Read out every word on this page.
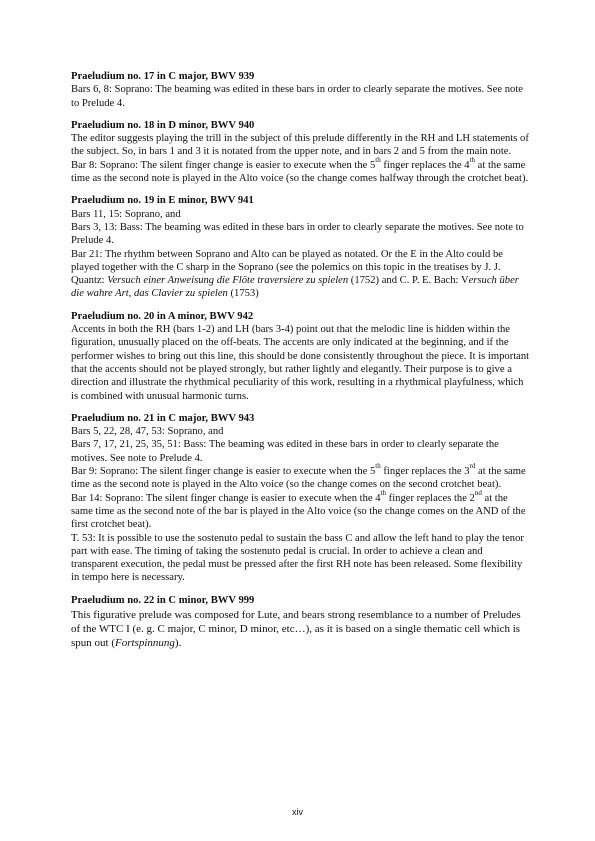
Praeludium no. 17 in C major, BWV 939

Bars 6, 8: Soprano: The beaming was edited in these bars in order to clearly separate the motives. See note to Prelude 4.

Praeludium no. 18 in D minor, BWV 940

The editor suggests playing the trill in the subject of this prelude differently in the RH and LH statements of the subject. So, in bars 1 and 3 it is notated from the upper note, and in bars 2 and 5 from the main note.

Bar 8: Soprano: The silent finger change is easier to execute when the 5th finger replaces the 4th at the same time as the second note is played in the Alto voice (so the change comes halfway through the crotchet beat).

Praeludium no. 19 in E minor, BWV 941

Bars 11, 15: Soprano, and

Bars 3, 13: Bass: The beaming was edited in these bars in order to clearly separate the motives. See note to Prelude 4.

Bar 21: The rhythm between Soprano and Alto can be played as notated. Or the E in the Alto could be played together with the C sharp in the Soprano (see the polemics on this topic in the treatises by J. J. Quantz: Versuch einer Anweisung die Flöte traversiere zu spielen (1752) and C. P. E. Bach: Versuch über die wahre Art, das Clavier zu spielen (1753)

Praeludium no. 20 in A minor, BWV 942

Accents in both the RH (bars 1-2) and LH (bars 3-4) point out that the melodic line is hidden within the figuration, unusually placed on the off-beats. The accents are only indicated at the beginning, and if the performer wishes to bring out this line, this should be done consistently throughout the piece. It is important that the accents should not be played strongly, but rather lightly and elegantly. Their purpose is to give a direction and illustrate the rhythmical peculiarity of this work, resulting in a rhythmical playfulness, which is combined with unusual harmonic turns.

Praeludium no. 21 in C major, BWV 943

Bars 5, 22, 28, 47, 53: Soprano, and

Bars 7, 17, 21, 25, 35, 51: Bass: The beaming was edited in these bars in order to clearly separate the motives. See note to Prelude 4.

Bar 9: Soprano: The silent finger change is easier to execute when the 5th finger replaces the 3rd at the same time as the second note is played in the Alto voice (so the change comes on the second crotchet beat).

Bar 14: Soprano: The silent finger change is easier to execute when the 4th finger replaces the 2nd at the same time as the second note of the bar is played in the Alto voice (so the change comes on the AND of the first crotchet beat).

T. 53: It is possible to use the sostenuto pedal to sustain the bass C and allow the left hand to play the tenor part with ease. The timing of taking the sostenuto pedal is crucial. In order to achieve a clean and transparent execution, the pedal must be pressed after the first RH note has been released. Some flexibility in tempo here is necessary.

Praeludium no. 22 in C minor, BWV 999

This figurative prelude was composed for Lute, and bears strong resemblance to a number of Preludes of the WTC I (e. g. C major, C minor, D minor, etc…), as it is based on a single thematic cell which is spun out (Fortspinnung).

xiv
